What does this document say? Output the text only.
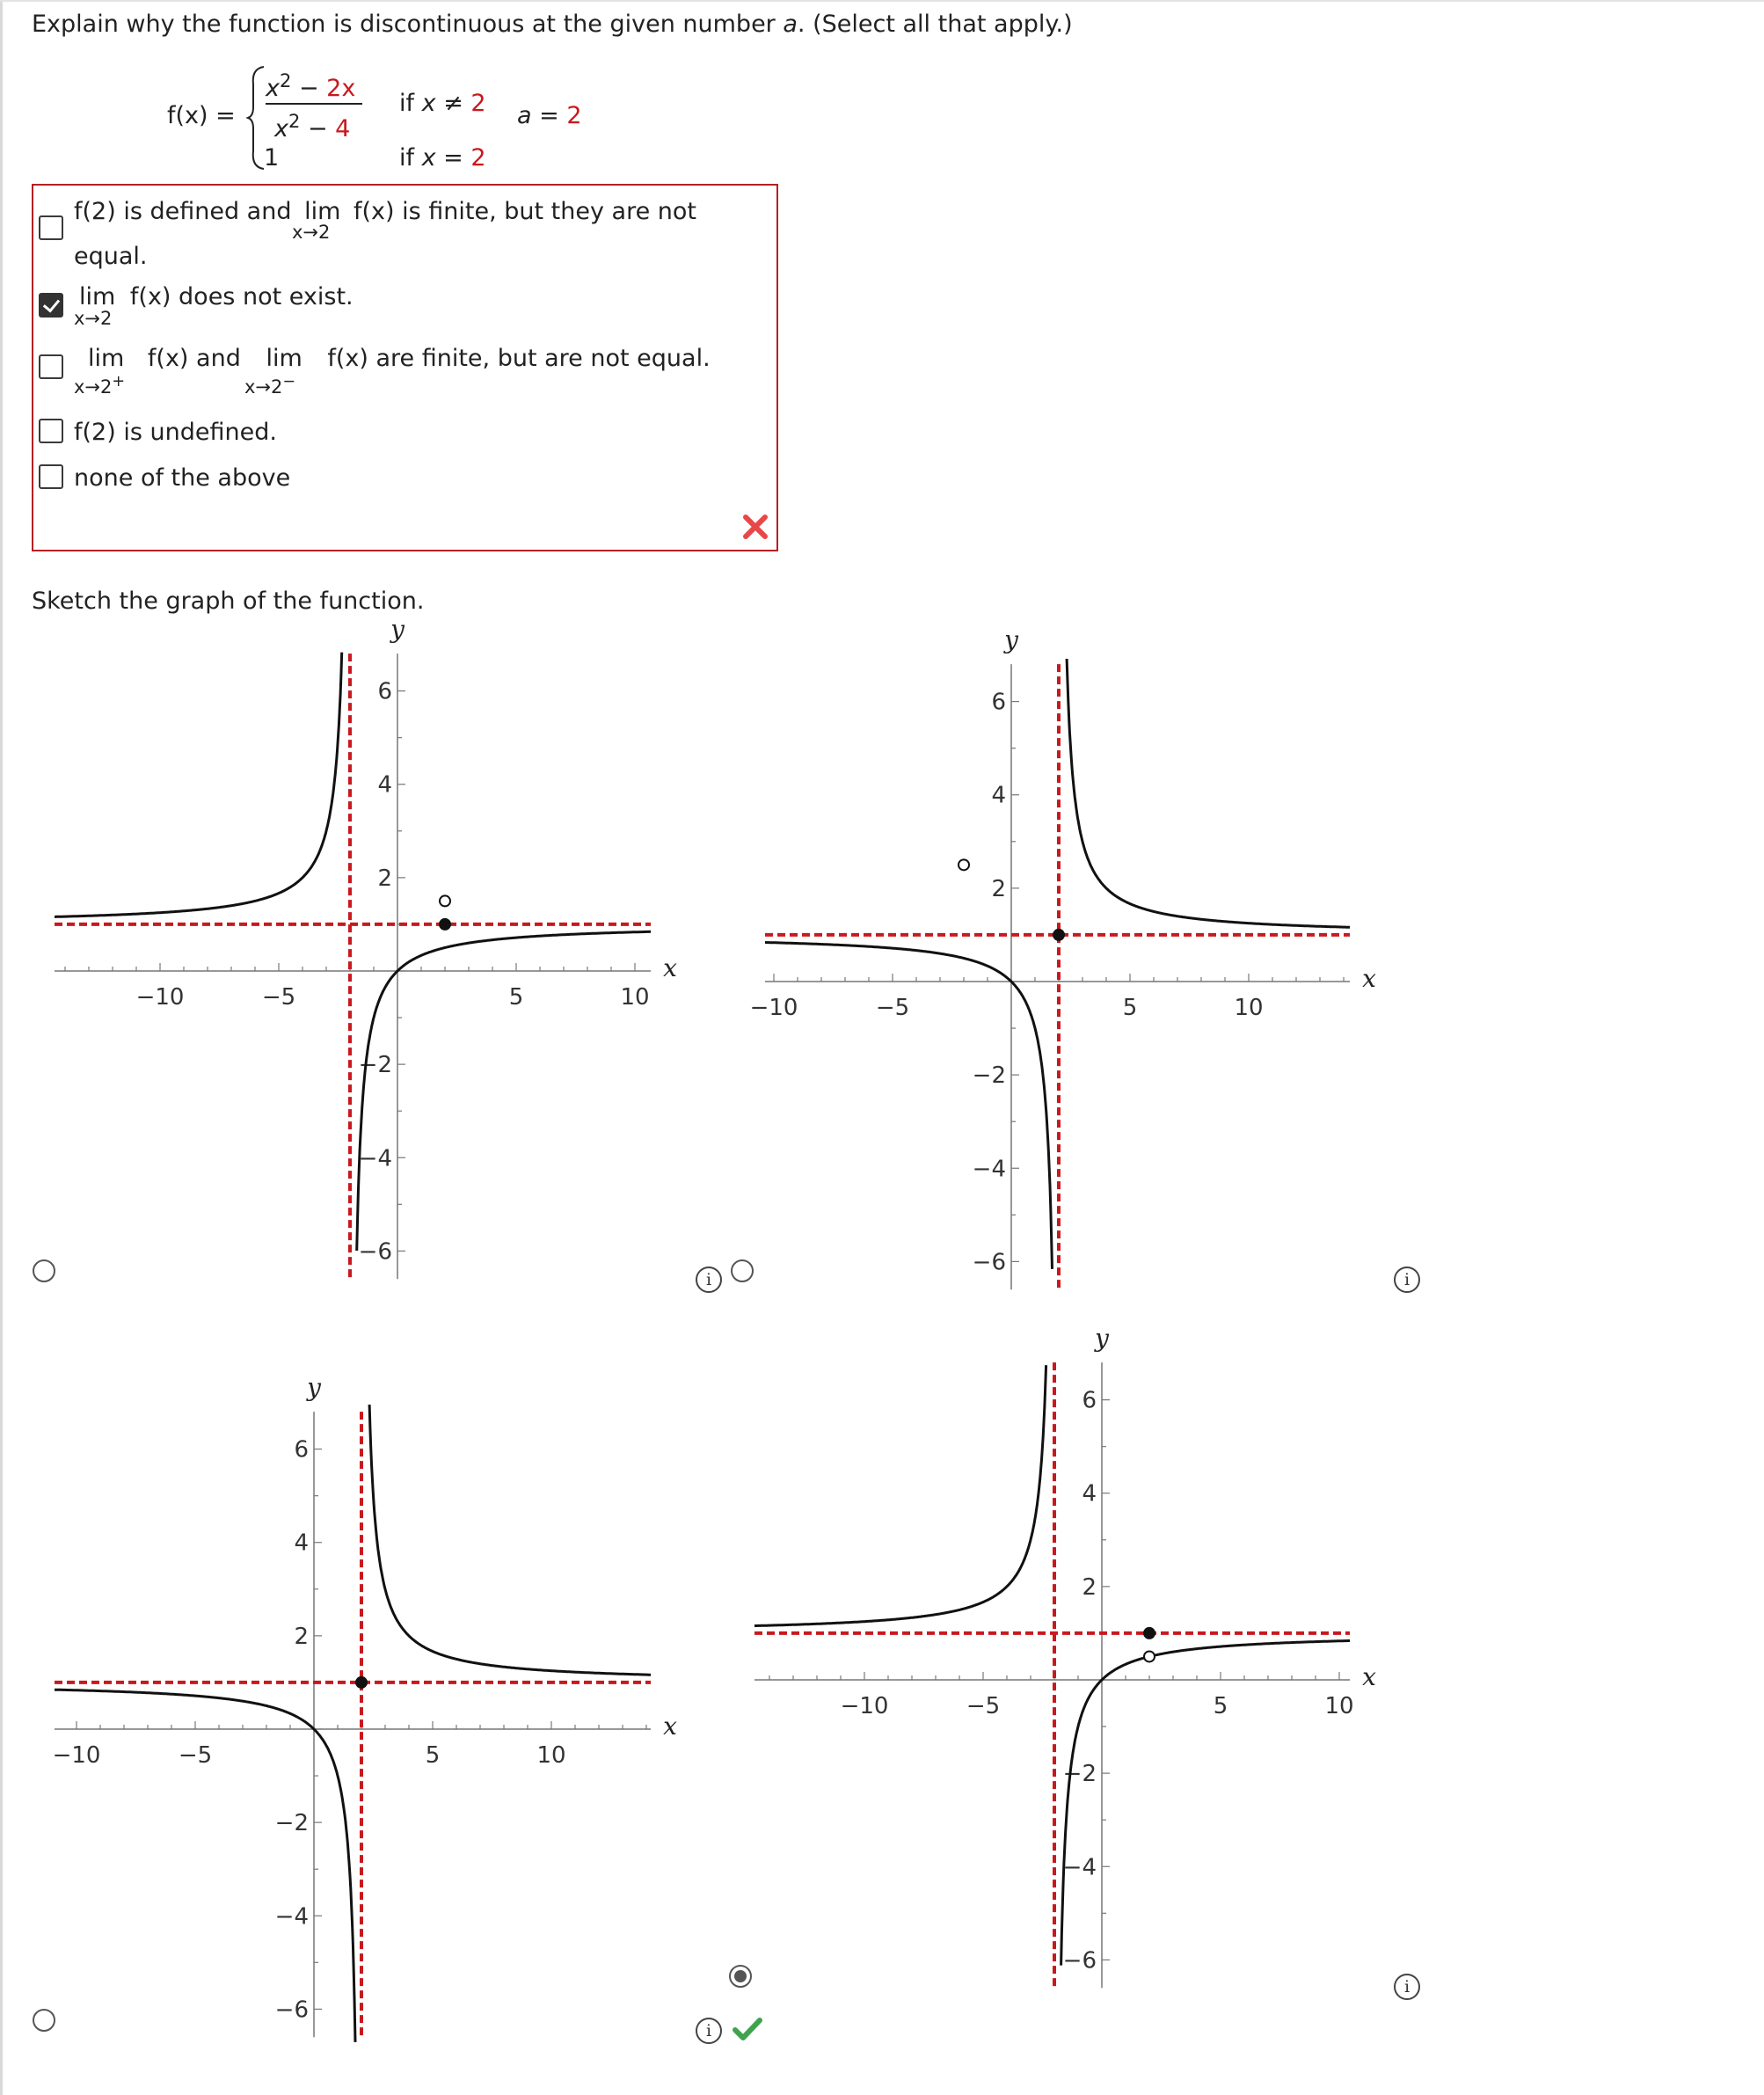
Explain why the function is discontinuous at the given number a. (Select all that apply.)
f(x) =
$x^2 - 2x$
$x^2 - 4$
if x ≠ 2
1	if x = 2
a = 2
f(2) is defined and lim f(x) is finite, but they are not
x→2
equal.
lim f(x) does not exist.
x→2
lim f(x) and lim f(x) are finite, but are not equal.
x→2+	x→2−
f(2) is undefined.
none of the above
Sketch the graph of the function.
−10	−5	5	10
6
4
2
−2
−4
−6
x
y
−10	−5	5	10
6
4
2
−2
−4
−6
x
y
−10	−5	5	10
6
4
2
−2
−4
−6
x
y
−10	−5	5	10
6
4
2
−2
−4
−6
x
y
i	i
i
i
